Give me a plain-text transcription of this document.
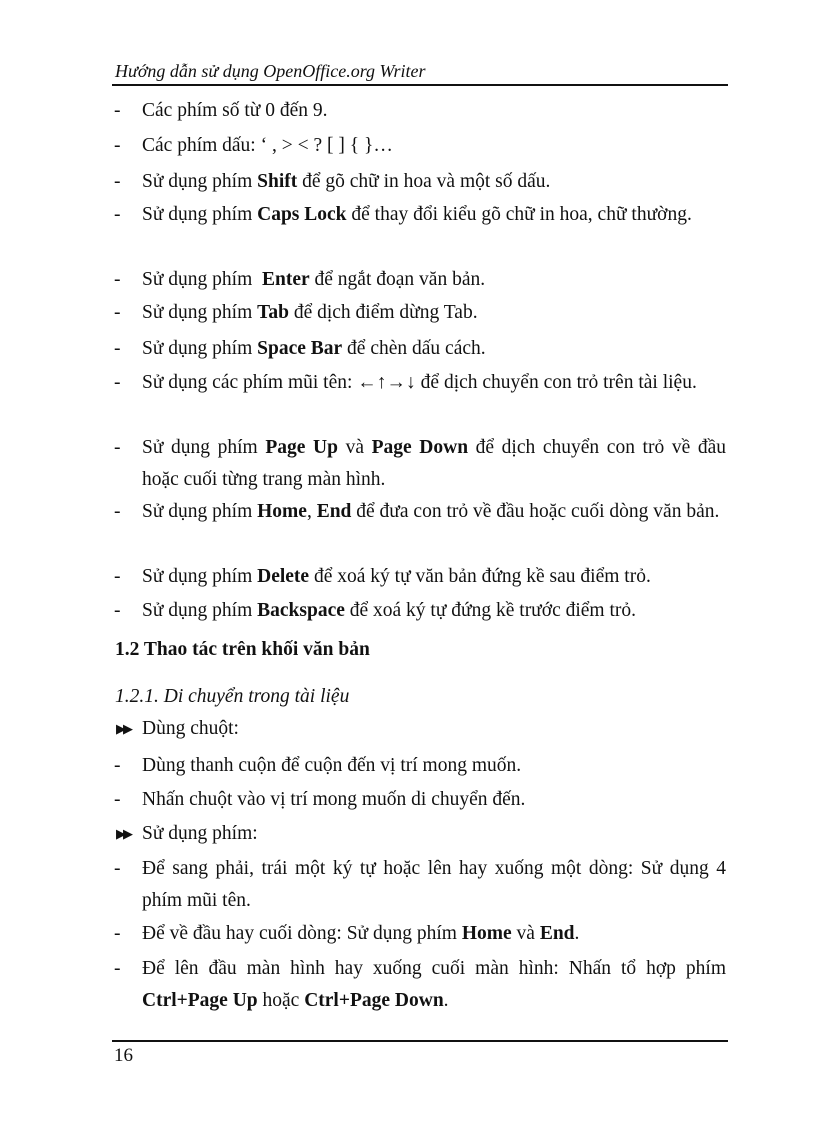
Hướng dẫn sử dụng OpenOffice.org Writer

-	Các phím số từ 0 đến 9.

-	Các phím dấu: ‘ , > < ? [ ] { }…

-	Sử dụng phím Shift để gõ chữ in hoa và một số dấu.

-	Sử dụng phím Caps Lock để thay đổi kiểu gõ chữ in hoa, chữ thường.

-	Sử dụng phím  Enter để ngắt đoạn văn bản.

-	Sử dụng phím Tab để dịch điểm dừng Tab.

-	Sử dụng phím Space Bar để chèn dấu cách.

-	Sử dụng các phím mũi tên: ←↑→↓ để dịch chuyển con trỏ trên tài liệu.

-	Sử dụng phím Page Up và Page Down để dịch chuyển con trỏ về đầu hoặc cuối từng trang màn hình.

-	Sử dụng phím Home, End để đưa con trỏ về đầu hoặc cuối dòng văn bản.

-	Sử dụng phím Delete để xoá ký tự văn bản đứng kề sau điểm trỏ.

-	Sử dụng phím Backspace để xoá ký tự đứng kề trước điểm trỏ.

1.2 Thao tác trên khối văn bản
1.2.1. Di chuyển trong tài liệu

▶▶ Dùng chuột:

-	Dùng thanh cuộn để cuộn đến vị trí mong muốn.

-	Nhấn chuột vào vị trí mong muốn di chuyển đến.

▶▶ Sử dụng phím:

-	Để sang phải, trái một ký tự hoặc lên hay xuống một dòng: Sử dụng 4 phím mũi tên.

-	Để về đầu hay cuối dòng: Sử dụng phím Home và End.

-	Để lên đầu màn hình hay xuống cuối màn hình: Nhấn tổ hợp phím Ctrl+Page Up hoặc Ctrl+Page Down.

16
